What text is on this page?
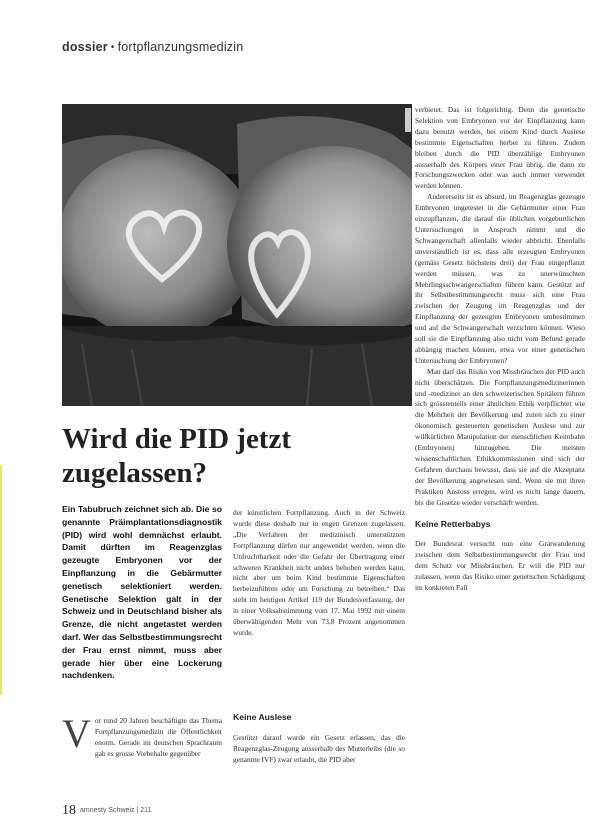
dossier • fortpflanzungsmedizin
Wird die PID jetzt zugelassen?
Ein Tabubruch zeichnet sich ab. Die so genannte Präimplantationsdiagnostik (PID) wird wohl demnächst erlaubt. Damit dürften im Reagenzglas gezeugte Embryonen vor der Einpflanzung in die Gebärmutter genetisch selektioniert werden. Genetische Selektion galt in der Schweiz und in Deutschland bisher als Grenze, die nicht angetastet werden darf. Wer das Selbstbestimmungsrecht der Frau ernst nimmt, muss aber gerade hier über eine Lockerung nachdenken.
der künstlichen Fortpflanzung. Auch in der Schweiz wurde diese deshalb nur in engen Grenzen zugelassen. „Die Verfahren der medizinisch unterstützten Fortpflanzung dürfen nur angewendet werden, wenn die Unfruchtbarkeit oder die Gefahr der Übertragung einer schweren Krankheit nicht anders behoben werden kann, nicht aber um beim Kind bestimmte Eigenschaften herbeizuführen oder um Forschung zu betreiben.“ Das steht im heutigen Artikel 119 der Bundesverfassung, der in einer Volksabstimmung vom 17. Mai 1992 mit einem überwältigenden Mehr von 73,8 Prozent angenommen wurde.
Keine Auslese
Gestützt darauf wurde ein Gesetz erlassen, das die Reagenzglas-Zeugung ausserhalb des Mutterleibs (die so genannte IVF) zwar erlaubt, die PID aber
Vor rund 20 Jahren beschäftigte das Thema Fortpflanzungsmedizin die Öffentlichkeit enorm. Gerade im deutschen Sprachraum gab es grosse Vorbehalte gegenüber
verbietet. Das ist folgerichtig. Denn die genetische Selektion von Embryonen vor der Einpflanzung kann dazu benutzt werden, bei einem Kind durch Auslese bestimmte Eigenschaften herbei zu führen. Zudem bleiben durch die PID überzählige Embryonen ausserhalb des Körpers einer Frau übrig, die dann zu Forschungszwecken oder was auch immer verwendet werden können.
Andererseits ist es absurd, im Reagenzglas gezeugte Embryonen ungetestet in die Gebärmutter einer Frau einzupflanzen, die darauf die üblichen vorgeburtlichen Untersuchungen in Anspruch nimmt und die Schwangerschaft allenfalls wieder abbricht. Ebenfalls unverständlich ist es, dass alle erzeugten Embryonen (gemäss Gesetz höchstens drei) der Frau eingepflanzt werden müssen, was zu unerwünschten Mehrlingsschwangerschaften führen kann. Gestützt auf ihr Selbstbestimmungsrecht muss sich eine Frau zwischen der Zeugung im Reagenzglas und der Einpflanzung der gezeugten Embryonen umbestimmen und auf die Schwangerschaft verzichten können. Wieso soll sie die Einpflanzung also nicht vom Befund gerade abhängig machen können, etwa vor einer genetischen Untersuchung der Embryonen?
Man darf das Risiko von Missbräuchen der PID auch nicht überschätzen. Die Fortpflanzungsmedizinerinnen und -mediziner an den schweizerischen Spitälern führen sich grösstenteils einer ähnlichen Ethik verpflichtet wie die Mehrheit der Bevölkerung und zuten sich zu einer ökonomisch gesteuerten genetischen Auslese und zur willkürlichen Manipulation der menschlichen Keimbahn (Embryonen) hinzugeben. Die meisten wissenschaftlichen Ethikkommissionen sind sich der Gefahren durchaus bewusst, dass sie auf die Akzeptanz der Bevölkerung angewiesen sind. Wenn sie mit ihren Praktiken Anstoss erregen, wird es nicht lange dauern, bis die Gesetze wieder verschärft werden.
Keine Retterbabys
Der Bundesrat versucht nun eine Gratwanderung zwischen dem Selbstbestimmungsrecht der Frau und dem Schutz vor Missbräuchen. Er will die PID nur zulassen, wenn das Risiko einer genetischen Schädigung im konkreten Fall
18 amnesty Schweiz | 211
